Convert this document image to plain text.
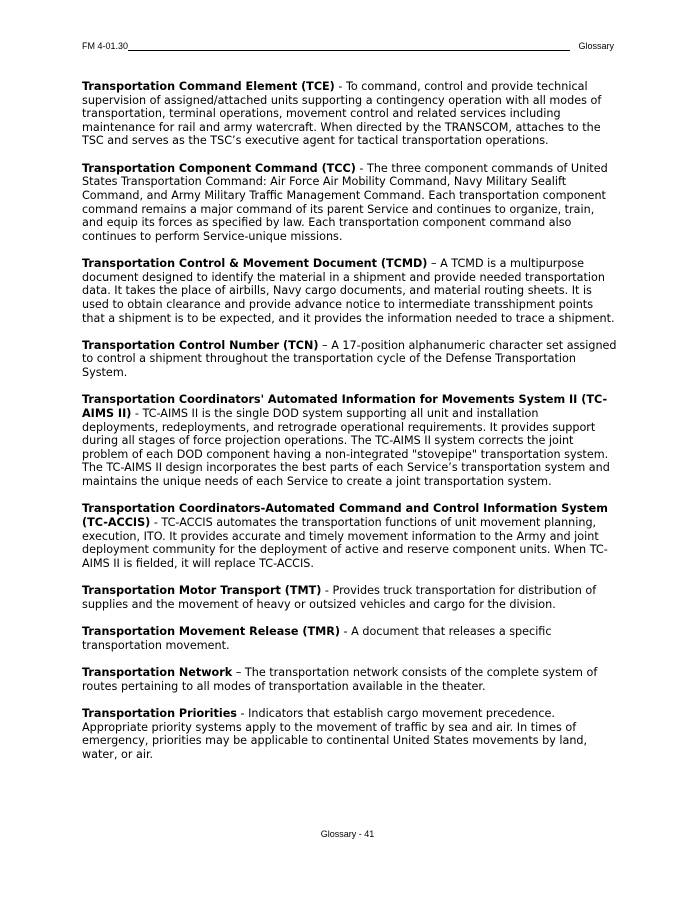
FM 4-01.30	Glossary

Transportation Command Element (TCE) - To command, control and provide technical supervision of assigned/attached units supporting a contingency operation with all modes of transportation, terminal operations, movement control and related services including maintenance for rail and army watercraft. When directed by the TRANSCOM, attaches to the TSC and serves as the TSC’s executive agent for tactical transportation operations.

Transportation Component Command (TCC) - The three component commands of United States Transportation Command: Air Force Air Mobility Command, Navy Military Sealift Command, and Army Military Traffic Management Command. Each transportation component command remains a major command of its parent Service and continues to organize, train, and equip its forces as specified by law. Each transportation component command also continues to perform Service-unique missions.

Transportation Control & Movement Document (TCMD) – A TCMD is a multipurpose document designed to identify the material in a shipment and provide needed transportation data. It takes the place of airbills, Navy cargo documents, and material routing sheets. It is used to obtain clearance and provide advance notice to intermediate transshipment points that a shipment is to be expected, and it provides the information needed to trace a shipment.

Transportation Control Number (TCN) – A 17-position alphanumeric character set assigned to control a shipment throughout the transportation cycle of the Defense Transportation System.

Transportation Coordinators' Automated Information for Movements System II (TC-AIMS II) - TC-AIMS II is the single DOD system supporting all unit and installation deployments, redeployments, and retrograde operational requirements. It provides support during all stages of force projection operations. The TC-AIMS II system corrects the joint problem of each DOD component having a non-integrated "stovepipe" transportation system. The TC-AIMS II design incorporates the best parts of each Service’s transportation system and maintains the unique needs of each Service to create a joint transportation system.

Transportation Coordinators-Automated Command and Control Information System (TC-ACCIS) - TC-ACCIS automates the transportation functions of unit movement planning, execution, ITO. It provides accurate and timely movement information to the Army and joint deployment community for the deployment of active and reserve component units. When TC-AIMS II is fielded, it will replace TC-ACCIS.

Transportation Motor Transport (TMT) - Provides truck transportation for distribution of supplies and the movement of heavy or outsized vehicles and cargo for the division.

Transportation Movement Release (TMR) - A document that releases a specific transportation movement.

Transportation Network – The transportation network consists of the complete system of routes pertaining to all modes of transportation available in the theater.

Transportation Priorities - Indicators that establish cargo movement precedence. Appropriate priority systems apply to the movement of traffic by sea and air. In times of emergency, priorities may be applicable to continental United States movements by land, water, or air.

Glossary - 41
